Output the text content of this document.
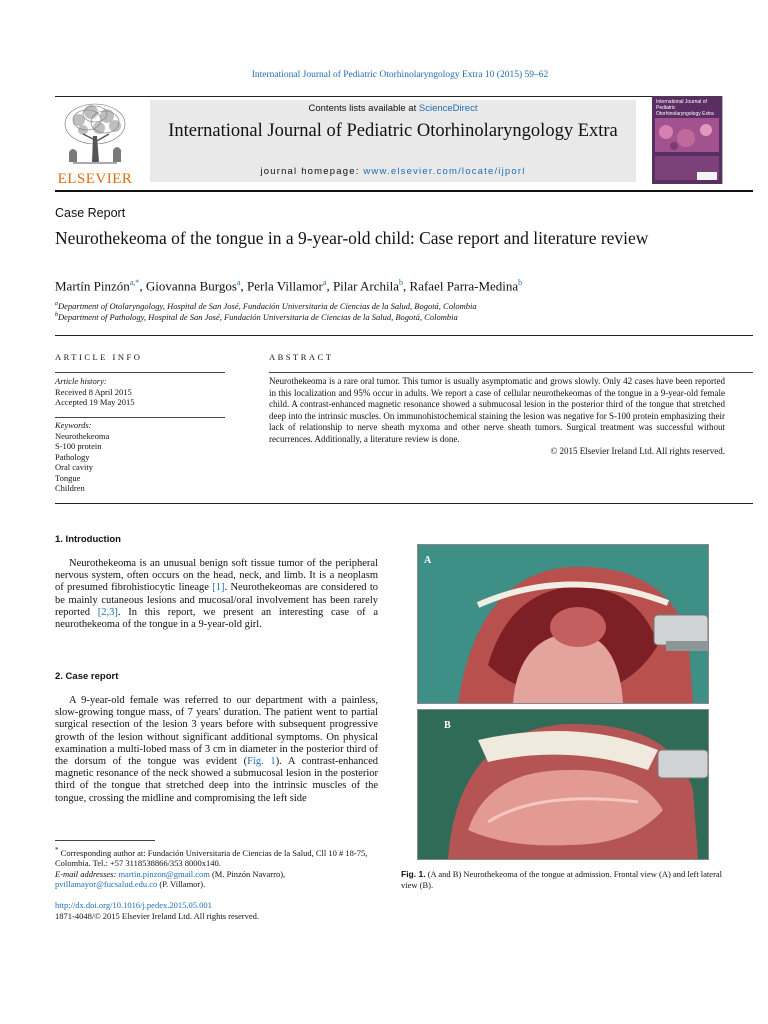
International Journal of Pediatric Otorhinolaryngology Extra 10 (2015) 59–62
ELSEVIER
Contents lists available at ScienceDirect
International Journal of Pediatric Otorhinolaryngology Extra
journal homepage: www.elsevier.com/locate/ijporl
International Journal of Pediatric Otorhinolaryngology Extra
Case Report
Neurothekeoma of the tongue in a 9-year-old child: Case report and literature review
Martín Pinzón$^{a,*}$, Giovanna Burgos$^a$, Perla Villamor$^a$, Pilar Archila$^b$, Rafael Parra-Medina$^b$
$^a$Department of Otolaryngology, Hospital de San José, Fundación Universitaria de Ciencias de la Salud, Bogotá, Colombia
$^b$Department of Pathology, Hospital de San José, Fundación Universitaria de Ciencias de la Salud, Bogotá, Colombia
ARTICLE INFO
Article history:
Received 8 April 2015
Accepted 19 May 2015
Keywords:
Neurothekeoma
S-100 protein
Pathology
Oral cavity
Tongue
Children
ABSTRACT
Neurothekeoma is a rare oral tumor. This tumor is usually asymptomatic and grows slowly. Only 42 cases have been reported in this localization and 95% occur in adults. We report a case of cellular neurothekeomas of the tongue in a 9-year-old female child. A contrast-enhanced magnetic resonance showed a submucosal lesion in the posterior third of the tongue that stretched deep into the intrinsic muscles. On immunohistochemical staining the lesion was negative for S-100 protein emphasizing their lack of relationship to nerve sheath myxoma and other nerve sheath tumors. Surgical treatment was successful without recurrences. Additionally, a literature review is done.
© 2015 Elsevier Ireland Ltd. All rights reserved.
1. Introduction
Neurothekeoma is an unusual benign soft tissue tumor of the peripheral nervous system, often occurs on the head, neck, and limb. It is a neoplasm of presumed fibrohistiocytic lineage [1]. Neurothekeomas are considered to be mainly cutaneous lesions and mucosal/oral involvement has been rarely reported [2,3]. In this report, we present an interesting case of a neurothekeoma of the tongue in a 9-year-old girl.
2. Case report
A 9-year-old female was referred to our department with a painless, slow-growing tongue mass, of 7 years' duration. The patient went to partial surgical resection of the lesion 3 years before with subsequent progressive growth of the lesion without significant additional symptoms. On physical examination a multi-lobed mass of 3 cm in diameter in the posterior third of the dorsum of the tongue was evident (Fig. 1). A contrast-enhanced magnetic resonance of the neck showed a submucosal lesion in the posterior third of the tongue that stretched deep into the intrinsic muscles of the tongue, crossing the midline and compromising the left side
* Corresponding author at: Fundación Universitaria de Ciencias de la Salud, Cll 10 # 18-75, Colombia. Tel.: +57 3118538866/353 8000x140.
E-mail addresses: martin.pinzon@gmail.com (M. Pinzón Navarro),
pvillamayor@fucsalud.edu.co (P. Villamor).
http://dx.doi.org/10.1016/j.pedex.2015.05.001
1871-4048/© 2015 Elsevier Ireland Ltd. All rights reserved.
A
B
Fig. 1. (A and B) Neurothekeoma of the tongue at admission. Frontal view (A) and left lateral view (B).
